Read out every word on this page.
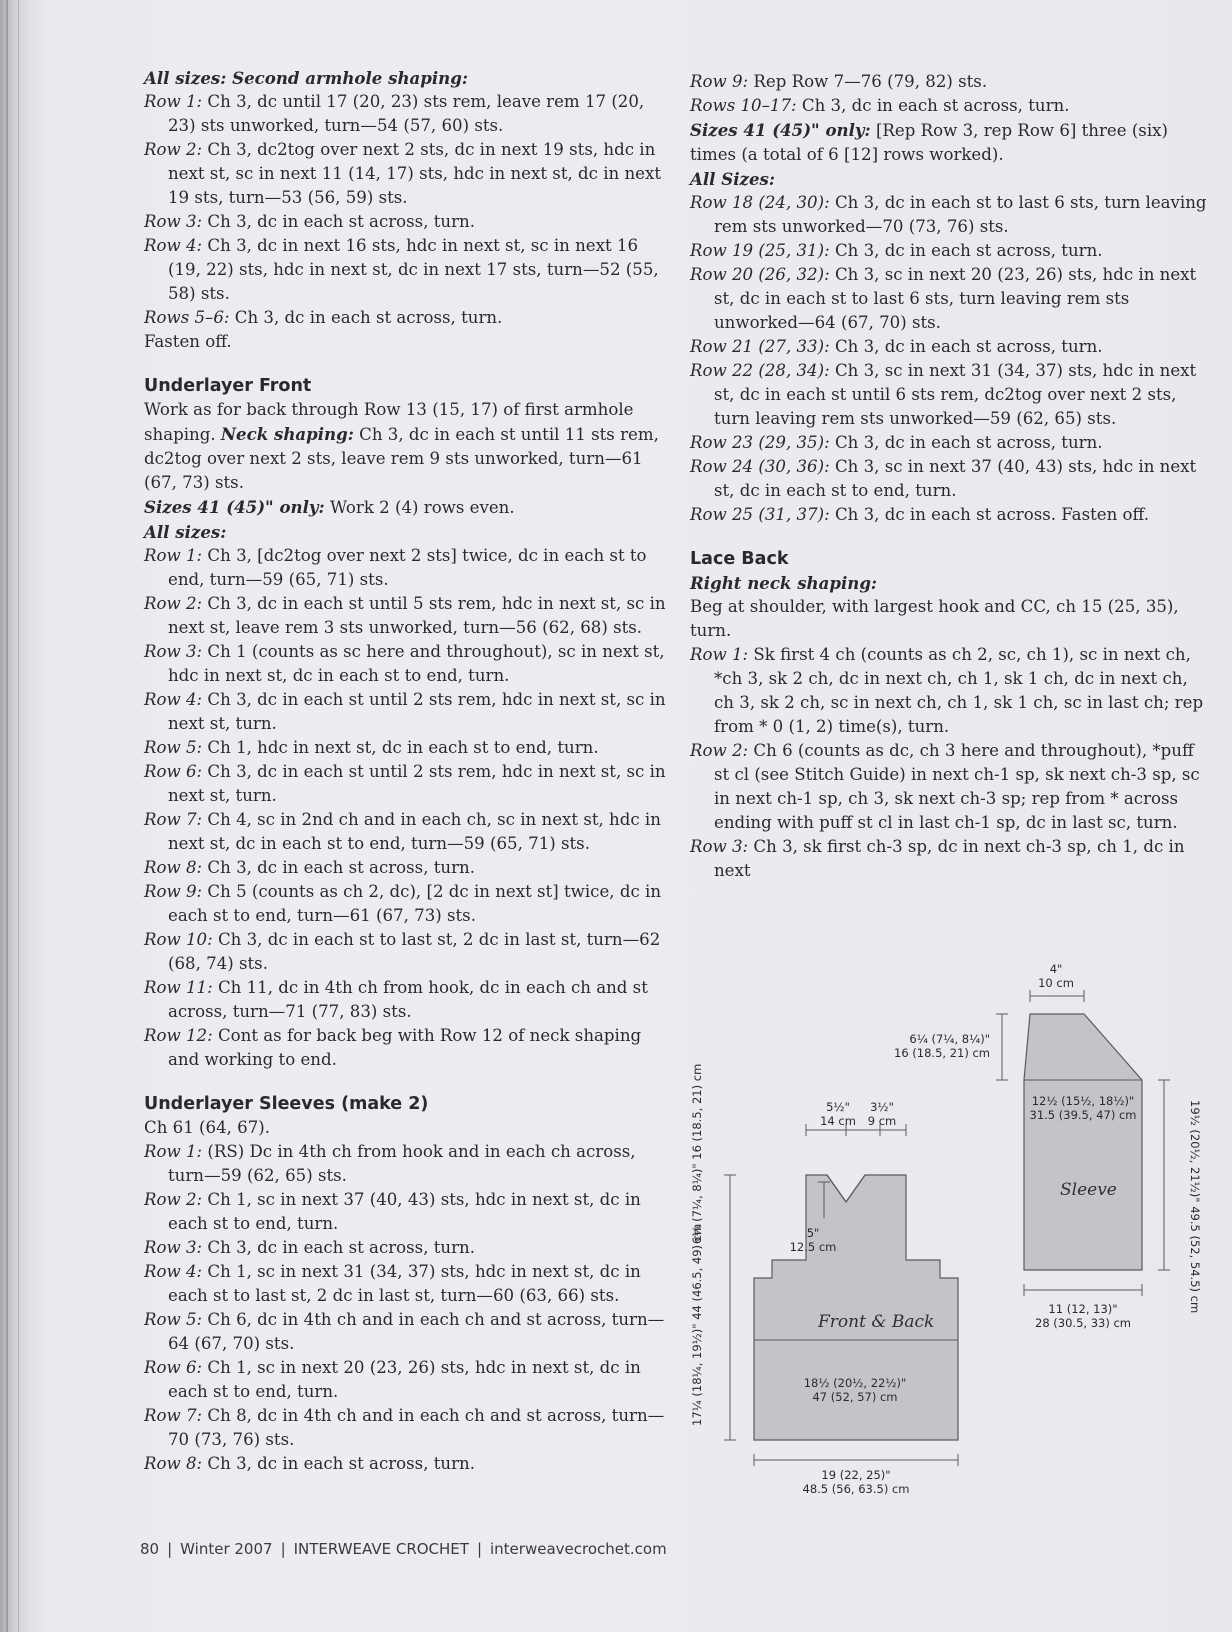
All sizes: Second armhole shaping:
Row 1: Ch 3, dc until 17 (20, 23) sts rem, leave rem 17 (20, 23) sts unworked, turn—54 (57, 60) sts.
Row 2: Ch 3, dc2tog over next 2 sts, dc in next 19 sts, hdc in next st, sc in next 11 (14, 17) sts, hdc in next st, dc in next 19 sts, turn—53 (56, 59) sts.
Row 3: Ch 3, dc in each st across, turn.
Row 4: Ch 3, dc in next 16 sts, hdc in next st, sc in next 16 (19, 22) sts, hdc in next st, dc in next 17 sts, turn—52 (55, 58) sts.
Rows 5–6: Ch 3, dc in each st across, turn.
Fasten off.
Underlayer Front
Work as for back through Row 13 (15, 17) of first armhole shaping. Neck shaping: Ch 3, dc in each st until 11 sts rem, dc2tog over next 2 sts, leave rem 9 sts unworked, turn—61 (67, 73) sts.
Sizes 41 (45)" only: Work 2 (4) rows even.
All sizes:
Row 1: Ch 3, [dc2tog over next 2 sts] twice, dc in each st to end, turn—59 (65, 71) sts.
Row 2: Ch 3, dc in each st until 5 sts rem, hdc in next st, sc in next st, leave rem 3 sts unworked, turn—56 (62, 68) sts.
Row 3: Ch 1 (counts as sc here and throughout), sc in next st, hdc in next st, dc in each st to end, turn.
Row 4: Ch 3, dc in each st until 2 sts rem, hdc in next st, sc in next st, turn.
Row 5: Ch 1, hdc in next st, dc in each st to end, turn.
Row 6: Ch 3, dc in each st until 2 sts rem, hdc in next st, sc in next st, turn.
Row 7: Ch 4, sc in 2nd ch and in each ch, sc in next st, hdc in next st, dc in each st to end, turn—59 (65, 71) sts.
Row 8: Ch 3, dc in each st across, turn.
Row 9: Ch 5 (counts as ch 2, dc), [2 dc in next st] twice, dc in each st to end, turn—61 (67, 73) sts.
Row 10: Ch 3, dc in each st to last st, 2 dc in last st, turn—62 (68, 74) sts.
Row 11: Ch 11, dc in 4th ch from hook, dc in each ch and st across, turn—71 (77, 83) sts.
Row 12: Cont as for back beg with Row 12 of neck shaping and working to end.
Underlayer Sleeves (make 2)
Ch 61 (64, 67).
Row 1: (RS) Dc in 4th ch from hook and in each ch across, turn—59 (62, 65) sts.
Row 2: Ch 1, sc in next 37 (40, 43) sts, hdc in next st, dc in each st to end, turn.
Row 3: Ch 3, dc in each st across, turn.
Row 4: Ch 1, sc in next 31 (34, 37) sts, hdc in next st, dc in each st to last st, 2 dc in last st, turn—60 (63, 66) sts.
Row 5: Ch 6, dc in 4th ch and in each ch and st across, turn—64 (67, 70) sts.
Row 6: Ch 1, sc in next 20 (23, 26) sts, hdc in next st, dc in each st to end, turn.
Row 7: Ch 8, dc in 4th ch and in each ch and st across, turn—70 (73, 76) sts.
Row 8: Ch 3, dc in each st across, turn.
Row 9: Rep Row 7—76 (79, 82) sts.
Rows 10–17: Ch 3, dc in each st across, turn.
Sizes 41 (45)" only: [Rep Row 3, rep Row 6] three (six) times (a total of 6 [12] rows worked).
All Sizes:
Row 18 (24, 30): Ch 3, dc in each st to last 6 sts, turn leaving rem sts unworked—70 (73, 76) sts.
Row 19 (25, 31): Ch 3, dc in each st across, turn.
Row 20 (26, 32): Ch 3, sc in next 20 (23, 26) sts, hdc in next st, dc in each st to last 6 sts, turn leaving rem sts unworked—64 (67, 70) sts.
Row 21 (27, 33): Ch 3, dc in each st across, turn.
Row 22 (28, 34): Ch 3, sc in next 31 (34, 37) sts, hdc in next st, dc in each st until 6 sts rem, dc2tog over next 2 sts, turn leaving rem sts unworked—59 (62, 65) sts.
Row 23 (29, 35): Ch 3, dc in each st across, turn.
Row 24 (30, 36): Ch 3, sc in next 37 (40, 43) sts, hdc in next st, dc in each st to end, turn.
Row 25 (31, 37): Ch 3, dc in each st across. Fasten off.
Lace Back
Right neck shaping:
Beg at shoulder, with largest hook and CC, ch 15 (25, 35), turn.
Row 1: Sk first 4 ch (counts as ch 2, sc, ch 1), sc in next ch, *ch 3, sk 2 ch, dc in next ch, ch 1, sk 1 ch, dc in next ch, ch 3, sk 2 ch, sc in next ch, ch 1, sk 1 ch, sc in last ch; rep from * 0 (1, 2) time(s), turn.
Row 2: Ch 6 (counts as dc, ch 3 here and throughout), *puff st cl (see Stitch Guide) in next ch-1 sp, sk next ch-3 sp, sc in next ch-1 sp, ch 3, sk next ch-3 sp; rep from * across ending with puff st cl in last ch-1 sp, dc in last sc, turn.
Row 3: Ch 3, sk first ch-3 sp, dc in next ch-3 sp, ch 1, dc in next
Front & Back
Sleeve
5½"
14 cm
3½"
9 cm
5"
12.5 cm
6¼ (7¼, 8¼)" 16 (18.5, 21) cm
17¼ (18¼, 19½)" 44 (46.5, 49) cm	18½ (20½, 22½)"
47 (52, 57) cm
19 (22, 25)"
48.5 (56, 63.5) cm
4"
10 cm
6¼ (7¼, 8¼)"
16 (18.5, 21) cm
12½ (15½, 18½)"
31.5 (39.5, 47) cm	19½ (20½, 21½)" 49.5 (52, 54.5) cm
11 (12, 13)"
28 (30.5, 33) cm
80 | Winter 2007 | INTERWEAVE CROCHET | interweavecrochet.com
